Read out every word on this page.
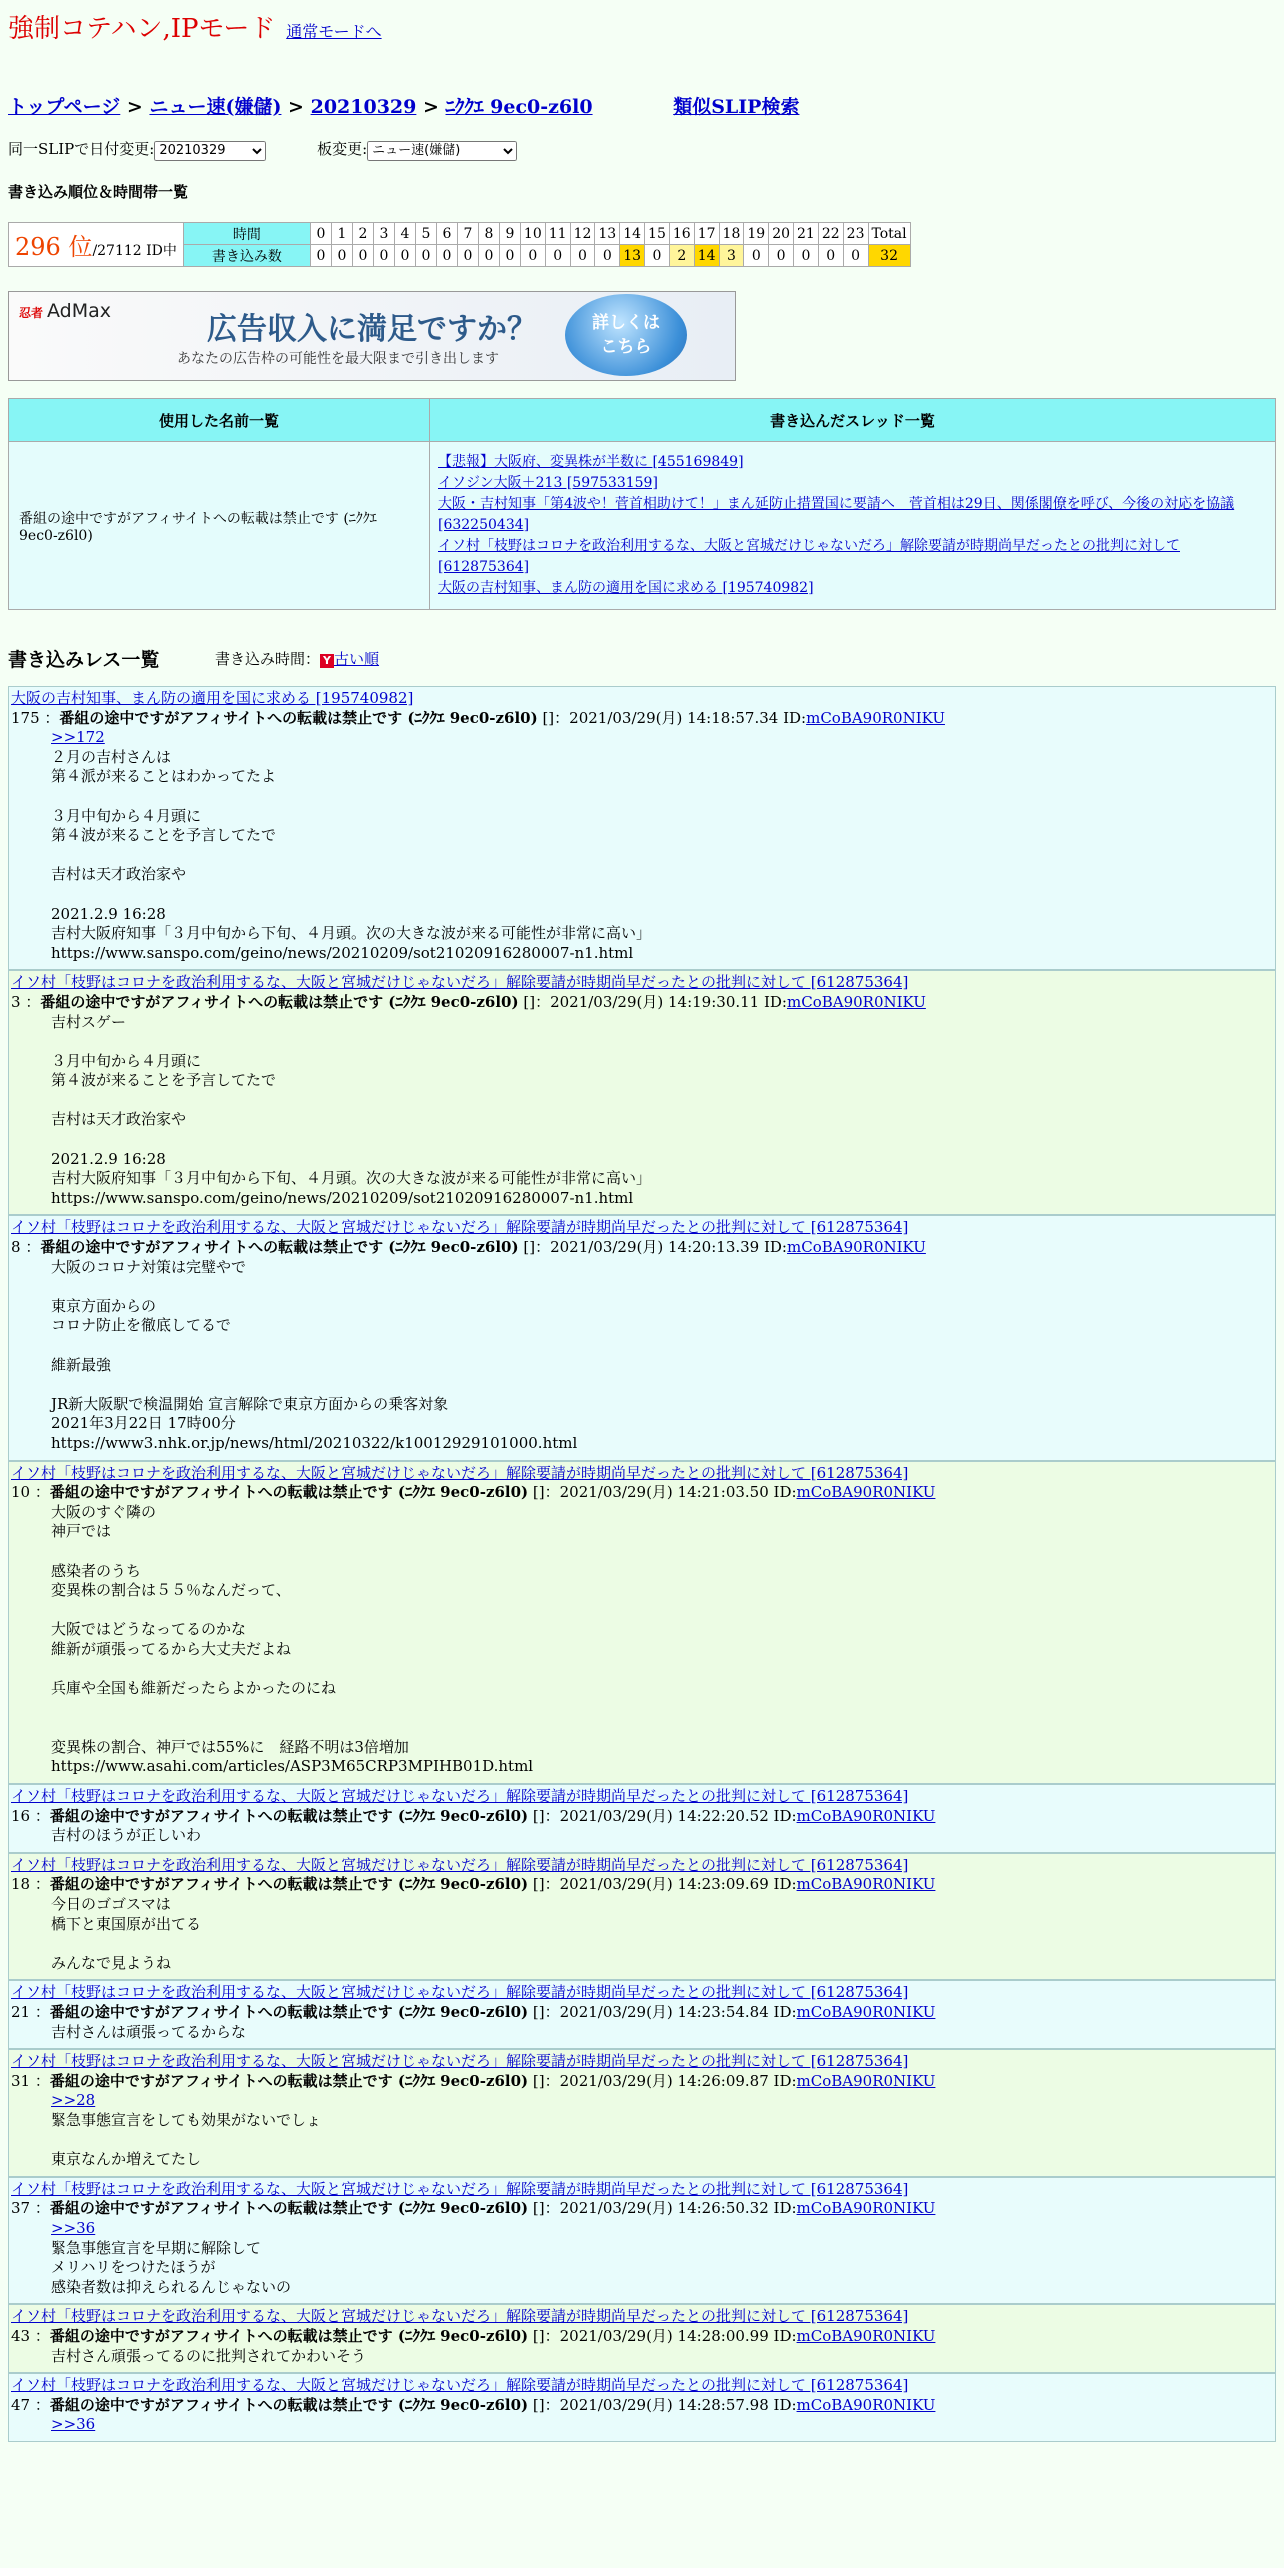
強制コテハン,IPモード 通常モードへ
トップページ > ニュー速(嫌儲) > 20210329 > ﾆｸｸｴ 9ec0-z6l0	類似SLIP検索
同一SLIPで日付変更:
20210329	板変更:
ニュー速(嫌儲)
書き込み順位＆時間帯一覧
296 位/27112 ID中	時間	0	1	2	3	4	5	6	7	8	9	10	11	12	13	14	15	16	17	18	19	20	21	22	23	Total
	書き込み数	0	0	0	0	0	0	0	0	0	0	0	0	0	0	13	0	2	14	3	0	0	0	0	0	32
忍者 AdMax
広告収入に満足ですか？
あなたの広告枠の可能性を最大限まで引き出します
詳しくは
こちら
使用した名前一覧	書き込んだスレッド一覧
番組の途中ですがアフィサイトへの転載は禁止です (ﾆｸｸｴ 9ec0-z6l0)	【悲報】大阪府、変異株が半数に [455169849]
イソジン大阪＋213 [597533159]
大阪・吉村知事「第4波や！菅首相助けて！」まん延防止措置国に要請へ　菅首相は29日、関係閣僚を呼び、今後の対応を協議 [632250434]
イソ村「枝野はコロナを政治利用するな、大阪と宮城だけじゃないだろ」解除要請が時期尚早だったとの批判に対して [612875364]
大阪の吉村知事、まん防の適用を国に求める [195740982]
書き込みレス一覧	書き込み時間： Y 古い順
大阪の吉村知事、まん防の適用を国に求める [195740982]
175 ：番組の途中ですがアフィサイトへの転載は禁止です (ﾆｸｸｴ 9ec0-z6l0) []：2021/03/29(月) 14:18:57.34 ID:mCoBA90R0NIKU
>>172
２月の吉村さんは
第４派が来ることはわかってたよ

３月中旬から４月頭に
第４波が来ることを予言してたで

吉村は天才政治家や

2021.2.9 16:28
吉村大阪府知事「３月中旬から下旬、４月頭。次の大きな波が来る可能性が非常に高い」
https://www.sanspo.com/geino/news/20210209/sot21020916280007-n1.html
イソ村「枝野はコロナを政治利用するな、大阪と宮城だけじゃないだろ」解除要請が時期尚早だったとの批判に対して [612875364]
3 ：番組の途中ですがアフィサイトへの転載は禁止です (ﾆｸｸｴ 9ec0-z6l0) []：2021/03/29(月) 14:19:30.11 ID:mCoBA90R0NIKU
吉村スゲー

３月中旬から４月頭に
第４波が来ることを予言してたで

吉村は天才政治家や

2021.2.9 16:28
吉村大阪府知事「３月中旬から下旬、４月頭。次の大きな波が来る可能性が非常に高い」
https://www.sanspo.com/geino/news/20210209/sot21020916280007-n1.html
イソ村「枝野はコロナを政治利用するな、大阪と宮城だけじゃないだろ」解除要請が時期尚早だったとの批判に対して [612875364]
8 ：番組の途中ですがアフィサイトへの転載は禁止です (ﾆｸｸｴ 9ec0-z6l0) []：2021/03/29(月) 14:20:13.39 ID:mCoBA90R0NIKU
大阪のコロナ対策は完璧やで

東京方面からの
コロナ防止を徹底してるで

維新最強

JR新大阪駅で検温開始 宣言解除で東京方面からの乗客対象
2021年3月22日 17時00分
https://www3.nhk.or.jp/news/html/20210322/k10012929101000.html
イソ村「枝野はコロナを政治利用するな、大阪と宮城だけじゃないだろ」解除要請が時期尚早だったとの批判に対して [612875364]
10 ：番組の途中ですがアフィサイトへの転載は禁止です (ﾆｸｸｴ 9ec0-z6l0) []：2021/03/29(月) 14:21:03.50 ID:mCoBA90R0NIKU
大阪のすぐ隣の
神戸では

感染者のうち
変異株の割合は５５％なんだって、

大阪ではどうなってるのかな
維新が頑張ってるから大丈夫だよね

兵庫や全国も維新だったらよかったのにね

変異株の割合、神戸では55%に　経路不明は3倍増加
https://www.asahi.com/articles/ASP3M65CRP3MPIHB01D.html
イソ村「枝野はコロナを政治利用するな、大阪と宮城だけじゃないだろ」解除要請が時期尚早だったとの批判に対して [612875364]
16 ：番組の途中ですがアフィサイトへの転載は禁止です (ﾆｸｸｴ 9ec0-z6l0) []：2021/03/29(月) 14:22:20.52 ID:mCoBA90R0NIKU
吉村のほうが正しいわ
イソ村「枝野はコロナを政治利用するな、大阪と宮城だけじゃないだろ」解除要請が時期尚早だったとの批判に対して [612875364]
18 ：番組の途中ですがアフィサイトへの転載は禁止です (ﾆｸｸｴ 9ec0-z6l0) []：2021/03/29(月) 14:23:09.69 ID:mCoBA90R0NIKU
今日のゴゴスマは
橋下と東国原が出てる

みんなで見ようね
イソ村「枝野はコロナを政治利用するな、大阪と宮城だけじゃないだろ」解除要請が時期尚早だったとの批判に対して [612875364]
21 ：番組の途中ですがアフィサイトへの転載は禁止です (ﾆｸｸｴ 9ec0-z6l0) []：2021/03/29(月) 14:23:54.84 ID:mCoBA90R0NIKU
吉村さんは頑張ってるからな
イソ村「枝野はコロナを政治利用するな、大阪と宮城だけじゃないだろ」解除要請が時期尚早だったとの批判に対して [612875364]
31 ：番組の途中ですがアフィサイトへの転載は禁止です (ﾆｸｸｴ 9ec0-z6l0) []：2021/03/29(月) 14:26:09.87 ID:mCoBA90R0NIKU
>>28
緊急事態宣言をしても効果がないでしょ

東京なんか増えてたし
イソ村「枝野はコロナを政治利用するな、大阪と宮城だけじゃないだろ」解除要請が時期尚早だったとの批判に対して [612875364]
37 ：番組の途中ですがアフィサイトへの転載は禁止です (ﾆｸｸｴ 9ec0-z6l0) []：2021/03/29(月) 14:26:50.32 ID:mCoBA90R0NIKU
>>36
緊急事態宣言を早期に解除して
メリハリをつけたほうが
感染者数は抑えられるんじゃないの
イソ村「枝野はコロナを政治利用するな、大阪と宮城だけじゃないだろ」解除要請が時期尚早だったとの批判に対して [612875364]
43 ：番組の途中ですがアフィサイトへの転載は禁止です (ﾆｸｸｴ 9ec0-z6l0) []：2021/03/29(月) 14:28:00.99 ID:mCoBA90R0NIKU
吉村さん頑張ってるのに批判されてかわいそう
イソ村「枝野はコロナを政治利用するな、大阪と宮城だけじゃないだろ」解除要請が時期尚早だったとの批判に対して [612875364]
47 ：番組の途中ですがアフィサイトへの転載は禁止です (ﾆｸｸｴ 9ec0-z6l0) []：2021/03/29(月) 14:28:57.98 ID:mCoBA90R0NIKU
>>36
